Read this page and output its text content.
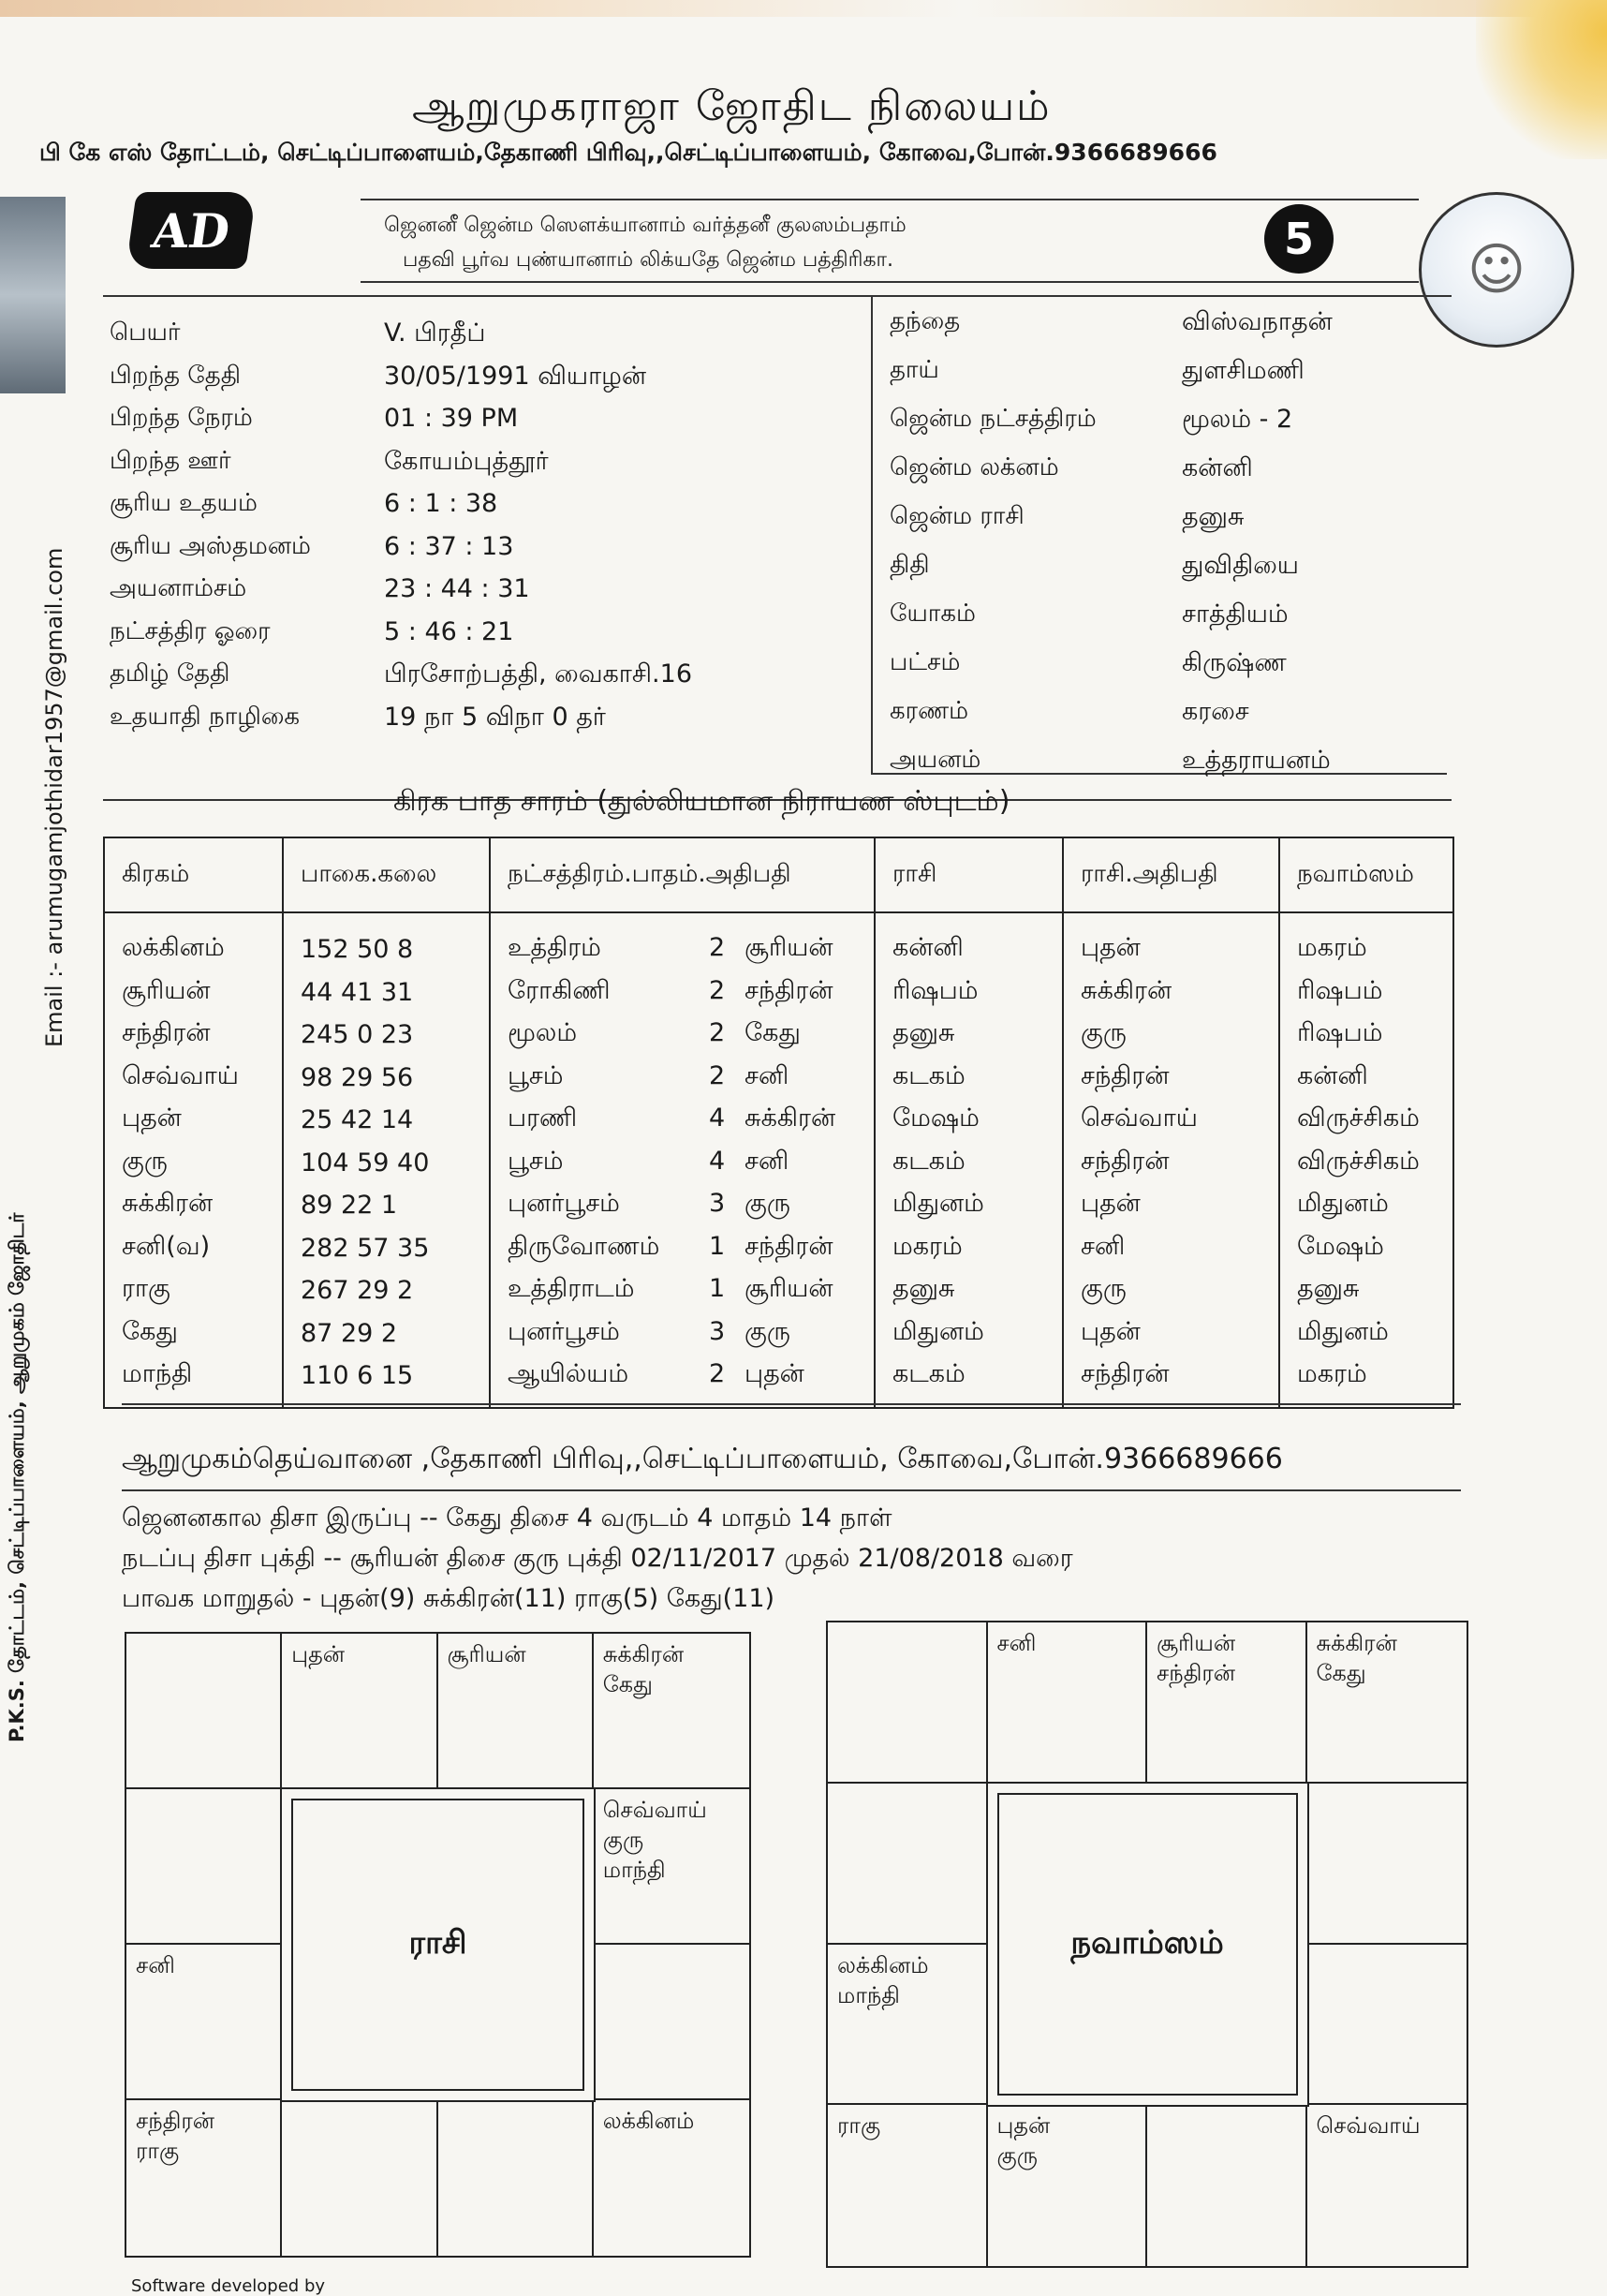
Email :- arumugamjothidar1957@gmail.com
P.K.S. தோட்டம், செட்டிப்பாளையம், ஆறுமுகம் ஜோதிடர்
ஆறுமுகராஜா ஜோதிட நிலையம்
பி கே எஸ் தோட்டம், செட்டிப்பாளையம்,தேகாணி பிரிவு,,செட்டிப்பாளையம், கோவை,போன்.9366689666
AD	ஜெனனீ ஜென்ம ஸௌக்யானாம் வர்த்தனீ குலஸம்பதாம்
பதவி பூர்வ புண்யானாம் லிக்யதே ஜென்ம பத்திரிகா.	5	☺
பெயர்	V. பிரதீப்
பிறந்த தேதி	30/05/1991 வியாழன்
பிறந்த நேரம்	01 : 39 PM
பிறந்த ஊர்	கோயம்புத்தூர்
சூரிய உதயம்	6 : 1 : 38
சூரிய அஸ்தமனம்	6 : 37 : 13
அயனாம்சம்	23 : 44 : 31
நட்சத்திர ஓரை	5 : 46 : 21
தமிழ் தேதி	பிரசோற்பத்தி, வைகாசி.16
உதயாதி நாழிகை	19 நா 5 விநா 0 தர்
தந்தை	விஸ்வநாதன்
தாய்	துளசிமணி
ஜென்ம நட்சத்திரம்	மூலம் - 2
ஜென்ம லக்னம்	கன்னி
ஜென்ம ராசி	தனுசு
திதி	துவிதியை
யோகம்	சாத்தியம்
பட்சம்	கிருஷ்ண
கரணம்	கரசை
அயனம்	உத்தராயனம்
கிரக பாத சாரம் (துல்லியமான நிராயண ஸ்புடம்)
கிரகம்	பாகை.கலை	நட்சத்திரம்.பாதம்.அதிபதி	ராசி	ராசி.அதிபதி	நவாம்ஸம்
லக்கினம்	152 50 8	உத்திரம் 2 சூரியன்	கன்னி	புதன்	மகரம்
சூரியன்	44 41 31	ரோகிணி 2 சந்திரன்	ரிஷபம்	சுக்கிரன்	ரிஷபம்
சந்திரன்	245 0 23	மூலம் 2 கேது	தனுசு	குரு	ரிஷபம்
செவ்வாய்	98 29 56	பூசம் 2 சனி	கடகம்	சந்திரன்	கன்னி
புதன்	25 42 14	பரணி 4 சுக்கிரன்	மேஷம்	செவ்வாய்	விருச்சிகம்
குரு	104 59 40	பூசம் 4 சனி	கடகம்	சந்திரன்	விருச்சிகம்
சுக்கிரன்	89 22 1	புனர்பூசம் 3 குரு	மிதுனம்	புதன்	மிதுனம்
சனி(வ)	282 57 35	திருவோணம் 1 சந்திரன்	மகரம்	சனி	மேஷம்
ராகு	267 29 2	உத்திராடம் 1 சூரியன்	தனுசு	குரு	தனுசு
கேது	87 29 2	புனர்பூசம் 3 குரு	மிதுனம்	புதன்	மிதுனம்
மாந்தி	110 6 15	ஆயில்யம் 2 புதன்	கடகம்	சந்திரன்	மகரம்
ஆறுமுகம்தெய்வானை ,தேகாணி பிரிவு,,செட்டிப்பாளையம், கோவை,போன்.9366689666
ஜெனனகால திசா இருப்பு -- கேது திசை 4 வருடம் 4 மாதம் 14 நாள்
நடப்பு திசா புக்தி -- சூரியன் திசை குரு புக்தி 02/11/2017 முதல் 21/08/2018 வரை
பாவக மாறுதல் - புதன்(9) சுக்கிரன்(11) ராகு(5) கேது(11)
புதன்	சூரியன்	சுக்கிரன்
கேது
செவ்வாய்
குரு
மாந்தி
சனி
சந்திரன்
ராகு
லக்கினம்
ராசி
சனி	சூரியன்
சந்திரன்
சுக்கிரன்
கேது
லக்கினம்
மாந்தி
ராகு	புதன்
குரு
செவ்வாய்
நவாம்ஸம்
Software developed by
